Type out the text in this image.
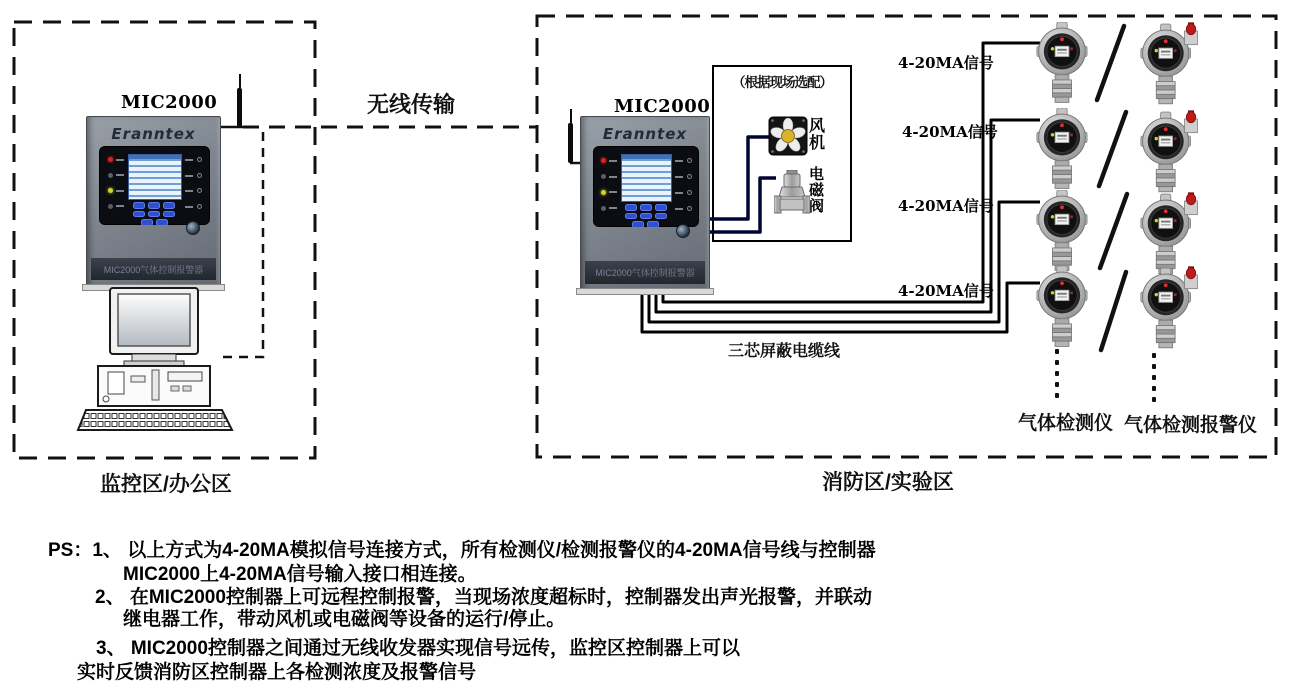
MIC2000
Eranntex
MIC2000气体控制报警器
监控区/办公区
无线传输	MIC2000
Eranntex
MIC2000气体控制报警器
（根据现场选配）
风机
电磁阀
三芯屏蔽电缆线
4-20MA信号
4-20MA信号
4-20MA信号
4-20MA信号
气体检测仪 气体检测报警仪
消防区/实验区
PS：1、 以上方式为4-20MA模拟信号连接方式，所有检测仪/检测报警仪的4-20MA信号线与控制器
MIC2000上4-20MA信号输入接口相连接。
2、 在MIC2000控制器上可远程控制报警，当现场浓度超标时，控制器发出声光报警，并联动
继电器工作，带动风机或电磁阀等设备的运行/停止。
3、 MIC2000控制器之间通过无线收发器实现信号远传，监控区控制器上可以
实时反馈消防区控制器上各检测浓度及报警信号
